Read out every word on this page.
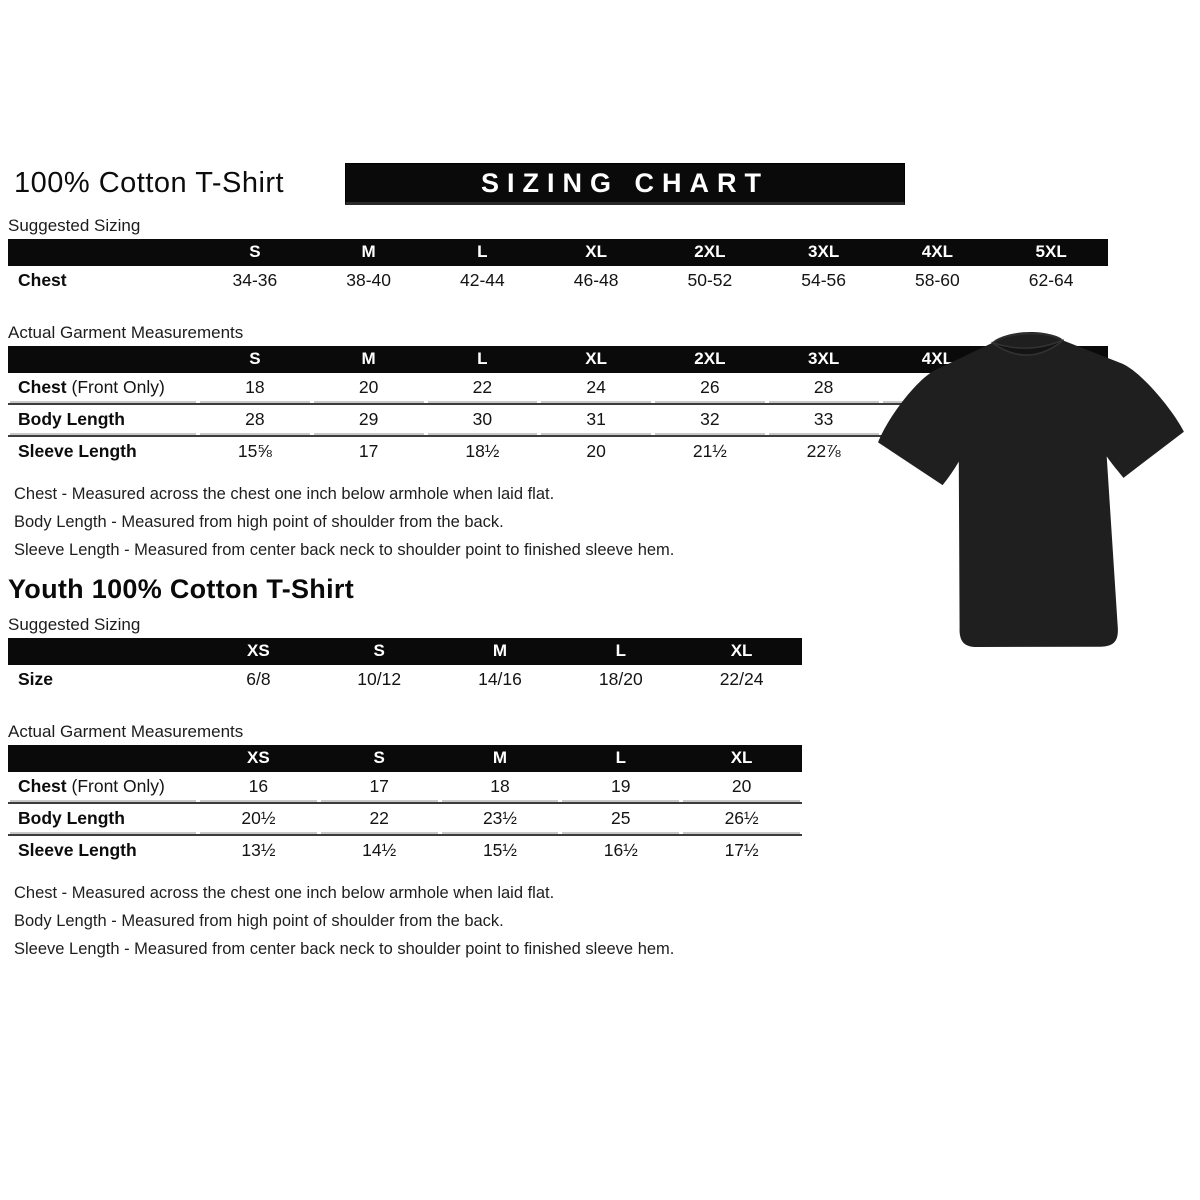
100% Cotton T-Shirt	SIZING CHART
Suggested Sizing
	S	M	L	XL	2XL	3XL	4XL	5XL
Chest	34-36	38-40	42-44	46-48	50-52	54-56	58-60	62-64
Actual Garment Measurements
	S	M	L	XL	2XL	3XL	4XL	
Chest (Front Only)	18	20	22	24	26	28		
Body Length	28	29	30	31	32	33		
Sleeve Length	15⅝	17	18½	20	21½	22⅞		
Chest - Measured across the chest one inch below armhole when laid flat.
Body Length - Measured from high point of shoulder from the back.
Sleeve Length - Measured from center back neck to shoulder point to finished sleeve hem.
Youth 100% Cotton T-Shirt
Suggested Sizing
	XS	S	M	L	XL
Size	6/8	10/12	14/16	18/20	22/24
Actual Garment Measurements
	XS	S	M	L	XL
Chest (Front Only)	16	17	18	19	20
Body Length	20½	22	23½	25	26½
Sleeve Length	13½	14½	15½	16½	17½
Chest - Measured across the chest one inch below armhole when laid flat.
Body Length - Measured from high point of shoulder from the back.
Sleeve Length - Measured from center back neck to shoulder point to finished sleeve hem.
